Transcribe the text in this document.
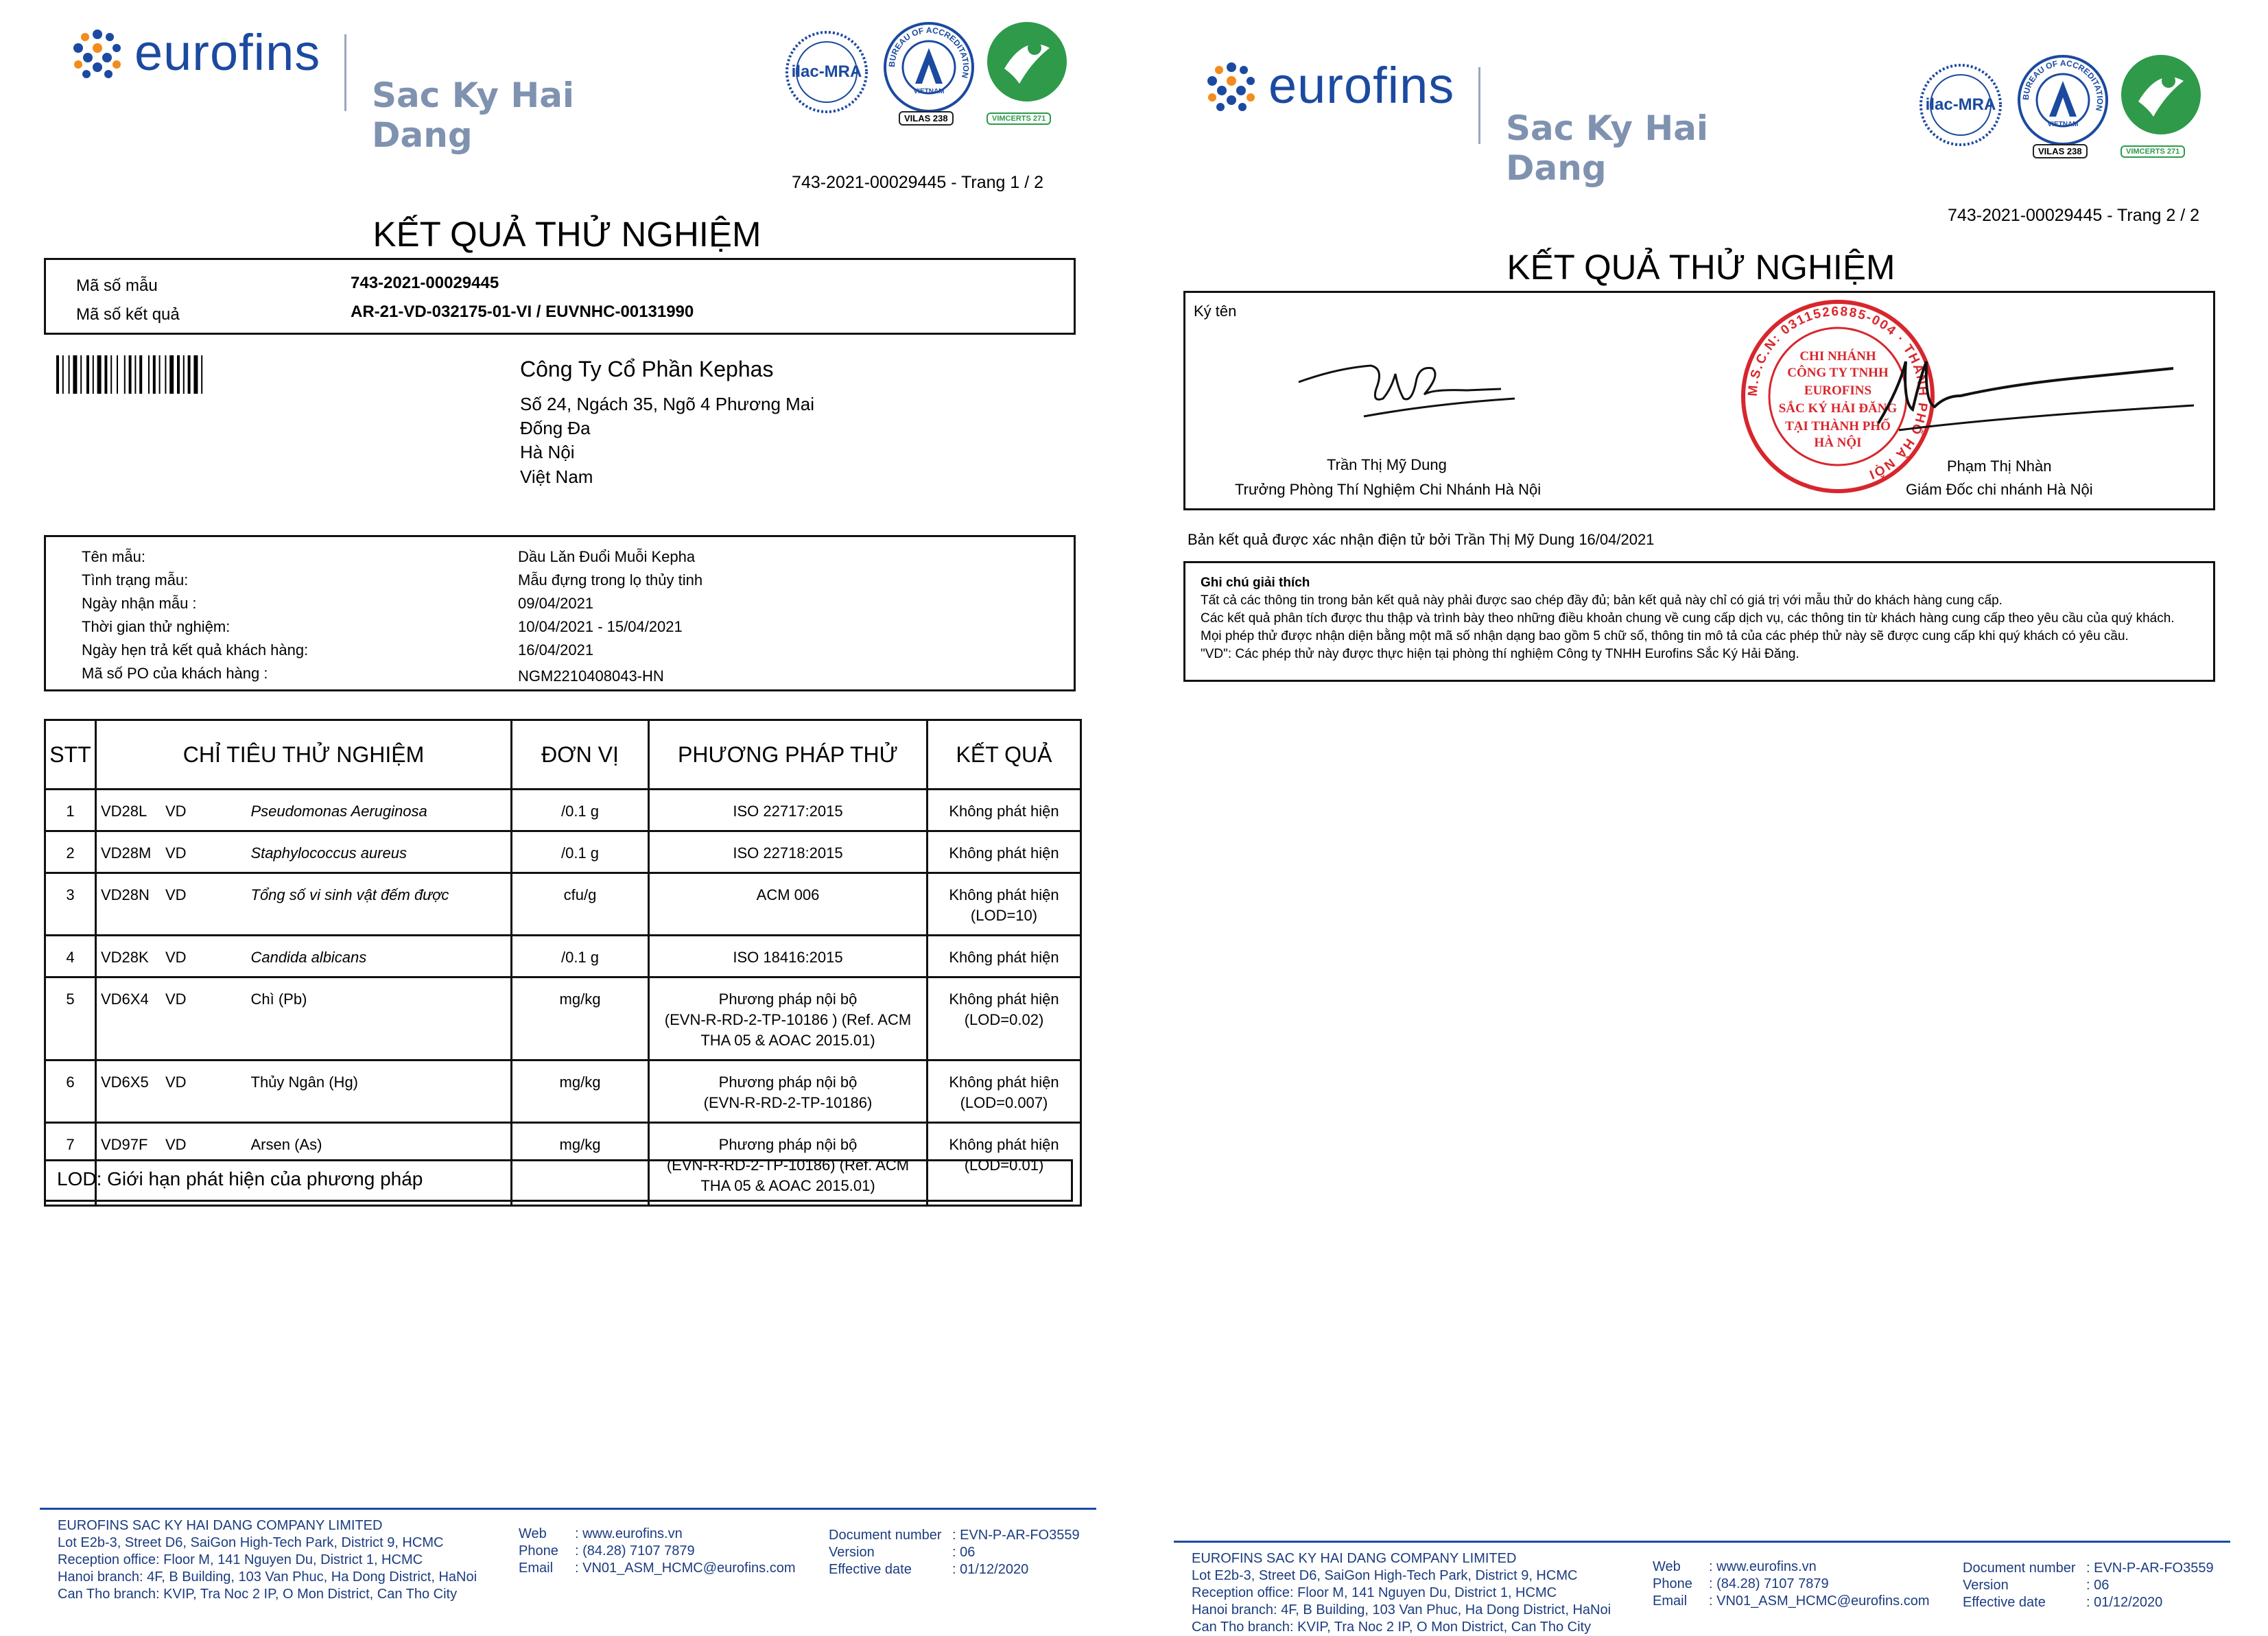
eurofins
Sac Ky Hai Dang
ilac-MRA	BUREAU OF ACCREDITATION
VIETNAM
VILAS 238	VIMCERTS 271
743-2021-00029445 - Trang 1 / 2
KẾT QUẢ THỬ NGHIỆM
Mã số mẫu	743-2021-00029445
Mã số kết quả	AR-21-VD-032175-01-VI / EUVNHC-00131990
Công Ty Cổ Phần Kephas
Số 24, Ngách 35, Ngõ 4 Phương Mai
Đống Đa
Hà Nội
Việt Nam
Tên mẫu:	Dầu Lăn Đuổi Muỗi Kepha
Tình trạng mẫu:	Mẫu đựng trong lọ thủy tinh
Ngày nhận mẫu :	09/04/2021
Thời gian thử nghiệm:	10/04/2021 - 15/04/2021
Ngày hẹn trả kết quả khách hàng:	16/04/2021
Mã số PO của khách hàng :	NGM2210408043-HN
STT	CHỈ TIÊU THỬ NGHIỆM		ĐƠN VỊ	PHƯƠNG PHÁP THỬ	KẾT QUẢ
1	VD28L VD	Pseudomonas Aeruginosa	/0.1 g	ISO 22717:2015	Không phát hiện
2	VD28M VD	Staphylococcus aureus	/0.1 g	ISO 22718:2015	Không phát hiện
3	VD28N VD	Tổng số vi sinh vật đếm được	cfu/g	ACM 006	Không phát hiện
(LOD=10)
4	VD28K VD	Candida albicans	/0.1 g	ISO 18416:2015	Không phát hiện
5	VD6X4 VD	Chì (Pb)	mg/kg	Phương pháp nội bộ
(EVN-R-RD-2-TP-10186 ) (Ref. ACM
THA 05 & AOAC 2015.01)	Không phát hiện
(LOD=0.02)
6	VD6X5 VD	Thủy Ngân (Hg)	mg/kg	Phương pháp nội bộ
(EVN-R-RD-2-TP-10186)	Không phát hiện
(LOD=0.007)
7	VD97F VD	Arsen (As)	mg/kg	Phương pháp nội bộ
(EVN-R-RD-2-TP-10186) (Ref. ACM
THA 05 & AOAC 2015.01)	Không phát hiện
(LOD=0.01)
LOD: Giới hạn phát hiện của phương pháp
EUROFINS SAC KY HAI DANG COMPANY LIMITED
Lot E2b-3, Street D6, SaiGon High-Tech Park, District 9, HCMC
Reception office: Floor M, 141 Nguyen Du, District 1, HCMC
Hanoi branch: 4F, B Building, 103 Van Phuc, Ha Dong District, HaNoi
Can Tho branch: KVIP, Tra Noc 2 IP, O Mon District, Can Tho City
Web	: www.eurofins.vn
Phone	: (84.28) 7107 7879
Email	: VN01_ASM_HCMC@eurofins.com
Document number : EVN-P-AR-FO3559
Version	: 06
Effective date	: 01/12/2020
eurofins
Sac Ky Hai Dang
ilac-MRA	BUREAU OF ACCREDITATION
VIETNAM
VILAS 238	VIMCERTS 271
743-2021-00029445 - Trang 2 / 2
KẾT QUẢ THỬ NGHIỆM
Ký tên
Trần Thị Mỹ Dung
Trưởng Phòng Thí Nghiệm Chi Nhánh Hà Nội
M.S.C.N: 0311526885-004 · THÀNH PHỐ HÀ NỘI
CHI NHÁNH
CÔNG TY TNHH
EUROFINS
SẮC KÝ HẢI ĐĂNG
TẠI THÀNH PHỐ
HÀ NỘI
Phạm Thị Nhàn
Giám Đốc chi nhánh Hà Nội
Bản kết quả được xác nhận điện tử bởi Trần Thị Mỹ Dung 16/04/2021
Ghi chú giải thích
Tất cả các thông tin trong bản kết quả này phải được sao chép đầy đủ; bản kết quả này chỉ có giá trị với mẫu thử do khách hàng cung cấp.
Các kết quả phân tích được thu thập và trình bày theo những điều khoản chung về cung cấp dịch vụ, các thông tin từ khách hàng cung cấp theo yêu cầu của quý khách.
Mọi phép thử được nhận diện bằng một mã số nhận dạng bao gồm 5 chữ số, thông tin mô tả của các phép thử này sẽ được cung cấp khi quý khách có yêu cầu.
"VD": Các phép thử này được thực hiện tại phòng thí nghiệm Công ty TNHH Eurofins Sắc Ký Hải Đăng.
EUROFINS SAC KY HAI DANG COMPANY LIMITED
Lot E2b-3, Street D6, SaiGon High-Tech Park, District 9, HCMC
Reception office: Floor M, 141 Nguyen Du, District 1, HCMC
Hanoi branch: 4F, B Building, 103 Van Phuc, Ha Dong District, HaNoi
Can Tho branch: KVIP, Tra Noc 2 IP, O Mon District, Can Tho City
Web	: www.eurofins.vn
Phone	: (84.28) 7107 7879
Email	: VN01_ASM_HCMC@eurofins.com
Document number : EVN-P-AR-FO3559
Version	: 06
Effective date	: 01/12/2020
